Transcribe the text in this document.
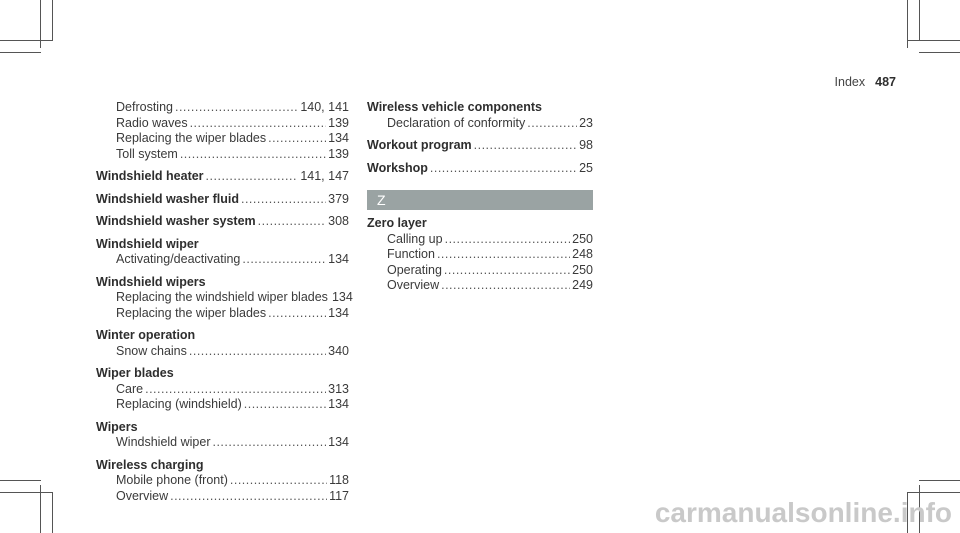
Index 487
Defrosting .....	140, 141
Radio waves .....	139
Replacing the wiper blades .....	134
Toll system .....	139
Windshield heater .....	141, 147
Windshield washer fluid .....	379
Windshield washer system .....	308
Windshield wiper
Activating/deactivating .....	134
Windshield wipers
Replacing the windshield wiper blades 134
Replacing the wiper blades .....	134
Winter operation
Snow chains .....	340
Wiper blades
Care .....	313
Replacing (windshield) .....	134
Wipers
Windshield wiper .....	134
Wireless charging
Mobile phone (front) .....	118
Overview .....	117
Wireless vehicle components
Declaration of conformity .....	23
Workout program .....	98
Workshop .....	25
Z
Zero layer
Calling up .....	250
Function .....	248
Operating .....	250
Overview .....	249
carmanualsonline.info
